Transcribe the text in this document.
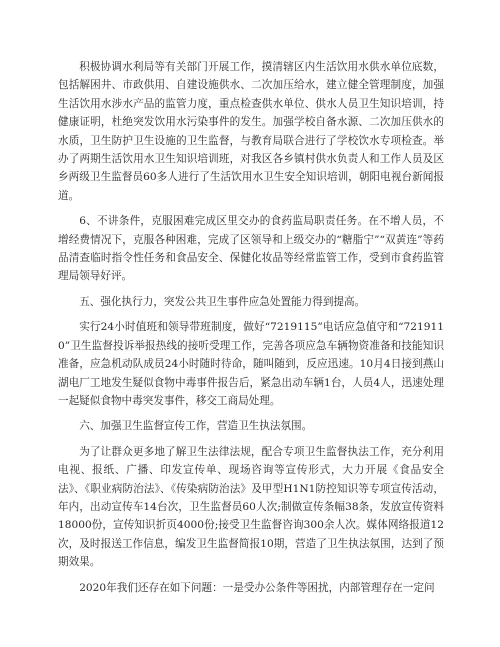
积极协调水利局等有关部门开展工作，摸清辖区内生活饮用水供水单位底数，包括解困井、市政供用、自建设施供水、二次加压给水，建立健全管理制度，加强生活饮用水涉水产品的监管力度，重点检查供水单位、供水人员卫生知识培训，持健康证明，杜绝突发饮用水污染事件的发生。加强学校自备水源、二次加压供水的水质，卫生防护卫生设施的卫生监督，与教育局联合进行了学校饮水专项检查。举办了两期生活饮用水卫生知识培训班，对我区各乡镇村供水负责人和工作人员及区乡两级卫生监督员60多人进行了生活饮用水卫生安全知识培训，朝阳电视台新闻报道。

6、不讲条件，克服困难完成区里交办的食药监局职责任务。在不增人员，不增经费情况下，克服各种困难，完成了区领导和上级交办的“糖脂宁”“双黄连”等药品清查临时指令性任务和食品安全、保健化妆品等经常监管工作，受到市食药监管理局领导好评。

五、强化执行力，突发公共卫生事件应急处置能力得到提高。

实行24小时值班和领导带班制度，做好“7219115”电话应急值守和“7219110”卫生监督投诉举报热线的接听受理工作，完善各项应急车辆物资准备和技能知识准备，应急机动队成员24小时随时待命，随叫随到，反应迅速。10月4日接到燕山湖电厂工地发生疑似食物中毒事件报告后，紧急出动车辆1台，人员4人，迅速处理一起疑似食物中毒突发事件，移交工商局处理。

六、加强卫生监督宣传工作，营造卫生执法氛围。

为了让群众更多地了解卫生法律法规，配合专项卫生监督执法工作，充分利用电视、报纸、广播、印发宣传单、现场咨询等宣传形式，大力开展《食品安全法》、《职业病防治法》、《传染病防治法》及甲型H1N1防控知识等专项宣传活动，年内，出动宣传车14台次，卫生监督员60人次;制做宣传条幅38条，发放宣传资料18000份，宣传知识折页4000份;接受卫生监督咨询300余人次。媒体网络报道12次，及时报送工作信息，编发卫生监督简报10期，营造了卫生执法氛围，达到了预期效果。

2020年我们还存在如下问题：一是受办公条件等困扰，内部管理存在一定问
